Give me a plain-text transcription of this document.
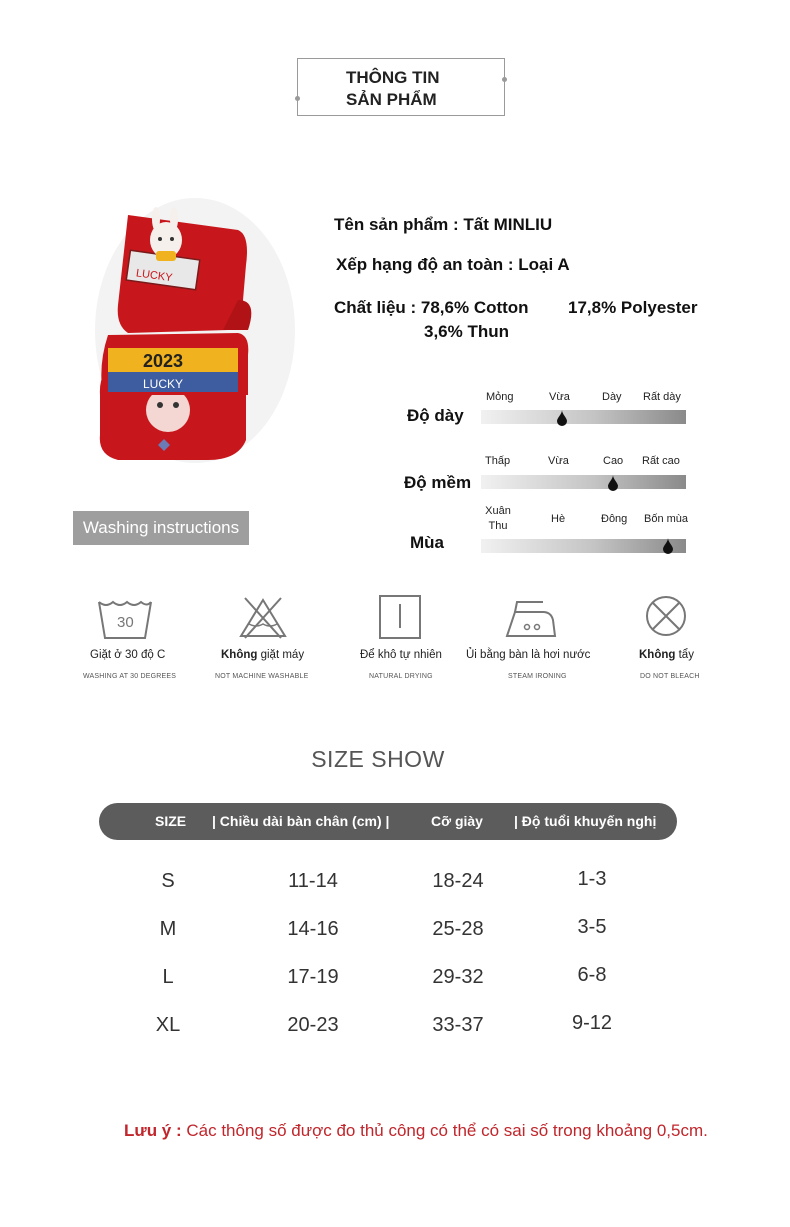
THÔNG TIN
SẢN PHẨM
2023
LUCKY
LUCKY
Tên sản phẩm : Tất MINLIU
Xếp hạng độ an toàn : Loại A
Chất liệu : 78,6% Cotton 17,8% Polyester
3,6% Thun
Washing instructions
Độ dày
Mỏng	Vừa	Dày Rất dày
Độ mềm
Thấp	Vừa	Cao Rất cao
Mùa
Xuân Thu
Hè	Đông Bốn mùa
30
Giặt ở 30 độ C	Không giặt máy	Để khô tự nhiên Ủi bằng bàn là hơi nước	Không tẩy
WASHING AT 30 DEGREES	NOT MACHINE WASHABLE	NATURAL DRYING	STEAM IRONING	DO NOT BLEACH
SIZE SHOW
SIZE | Chiều dài bàn chân (cm) |	Cỡ giày | Độ tuổi khuyến nghị
S	11-14	18-24	1-3
M	14-16	25-28	3-5
L	17-19	29-32	6-8
XL	20-23	33-37	9-12
Lưu ý : Các thông số được đo thủ công có thể có sai số trong khoảng 0,5cm.
